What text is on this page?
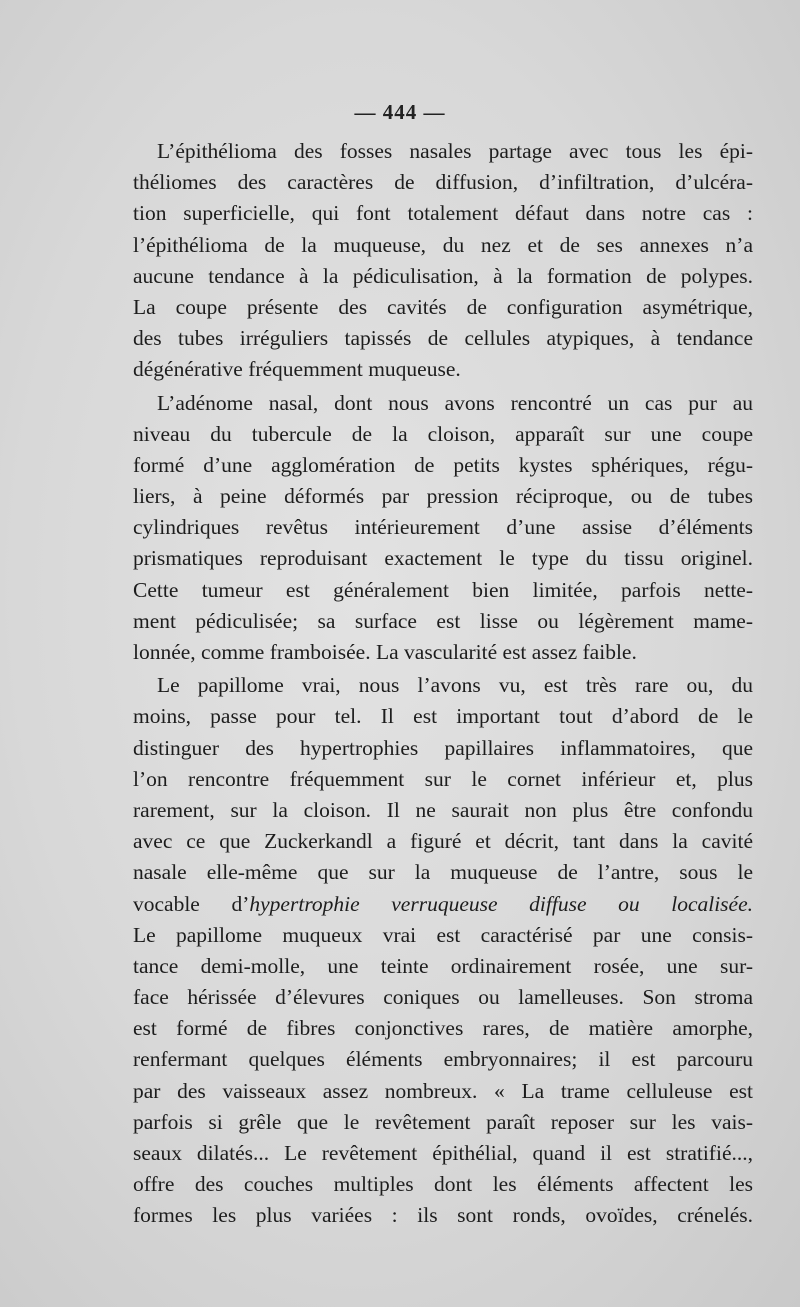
— 444 —
L’épithélioma des fosses nasales partage avec tous les épi-
théliomes des caractères de diffusion, d’infiltration, d’ulcéra-
tion superficielle, qui font totalement défaut dans notre cas :
l’épithélioma de la muqueuse, du nez et de ses annexes n’a
aucune tendance à la pédiculisation, à la formation de polypes.
La coupe présente des cavités de configuration asymétrique,
des tubes irréguliers tapissés de cellules atypiques, à tendance
dégénérative fréquemment muqueuse.
L’adénome nasal, dont nous avons rencontré un cas pur au
niveau du tubercule de la cloison, apparaît sur une coupe
formé d’une agglomération de petits kystes sphériques, régu-
liers, à peine déformés par pression réciproque, ou de tubes
cylindriques revêtus intérieurement d’une assise d’éléments
prismatiques reproduisant exactement le type du tissu originel.
Cette tumeur est généralement bien limitée, parfois nette-
ment pédiculisée; sa surface est lisse ou légèrement mame-
lonnée, comme framboisée. La vascularité est assez faible.
Le papillome vrai, nous l’avons vu, est très rare ou, du
moins, passe pour tel. Il est important tout d’abord de le
distinguer des hypertrophies papillaires inflammatoires, que
l’on rencontre fréquemment sur le cornet inférieur et, plus
rarement, sur la cloison. Il ne saurait non plus être confondu
avec ce que Zuckerkandl a figuré et décrit, tant dans la cavité
nasale elle-même que sur la muqueuse de l’antre, sous le
vocable d’hypertrophie verruqueuse diffuse ou localisée.
Le papillome muqueux vrai est caractérisé par une consis-
tance demi-molle, une teinte ordinairement rosée, une sur-
face hérissée d’élevures coniques ou lamelleuses. Son stroma
est formé de fibres conjonctives rares, de matière amorphe,
renfermant quelques éléments embryonnaires; il est parcouru
par des vaisseaux assez nombreux. « La trame celluleuse est
parfois si grêle que le revêtement paraît reposer sur les vais-
seaux dilatés... Le revêtement épithélial, quand il est stratifié...,
offre des couches multiples dont les éléments affectent les
formes les plus variées : ils sont ronds, ovoïdes, crénelés.
